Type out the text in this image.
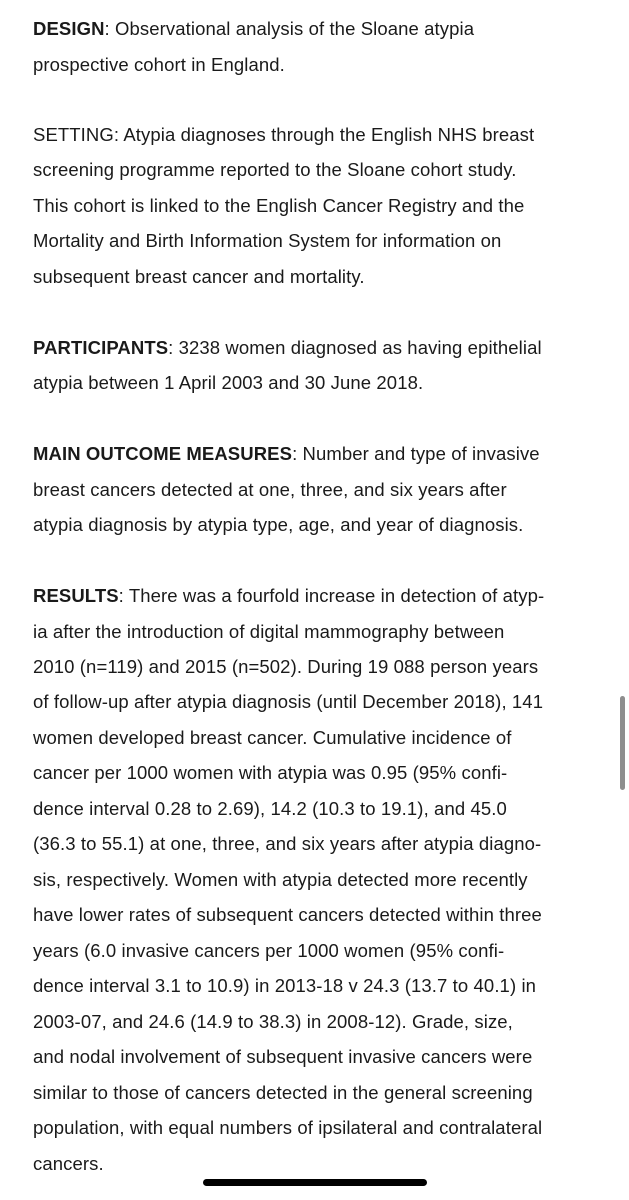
DESIGN: Observational analysis of the Sloane atypia
prospective cohort in England.
SETTING: Atypia diagnoses through the English NHS breast
screening programme reported to the Sloane cohort study.
This cohort is linked to the English Cancer Registry and the
Mortality and Birth Information System for information on
subsequent breast cancer and mortality.
PARTICIPANTS: 3238 women diagnosed as having epithelial
atypia between 1 April 2003 and 30 June 2018.
MAIN OUTCOME MEASURES: Number and type of invasive
breast cancers detected at one, three, and six years after
atypia diagnosis by atypia type, age, and year of diagnosis.
RESULTS: There was a fourfold increase in detection of atyp-
ia after the introduction of digital mammography between
2010 (n=119) and 2015 (n=502). During 19 088 person years
of follow-up after atypia diagnosis (until December 2018), 141
women developed breast cancer. Cumulative incidence of
cancer per 1000 women with atypia was 0.95 (95% confi-
dence interval 0.28 to 2.69), 14.2 (10.3 to 19.1), and 45.0
(36.3 to 55.1) at one, three, and six years after atypia diagno-
sis, respectively. Women with atypia detected more recently
have lower rates of subsequent cancers detected within three
years (6.0 invasive cancers per 1000 women (95% confi-
dence interval 3.1 to 10.9) in 2013-18 v 24.3 (13.7 to 40.1) in
2003-07, and 24.6 (14.9 to 38.3) in 2008-12). Grade, size,
and nodal involvement of subsequent invasive cancers were
similar to those of cancers detected in the general screening
population, with equal numbers of ipsilateral and contralateral
cancers.
